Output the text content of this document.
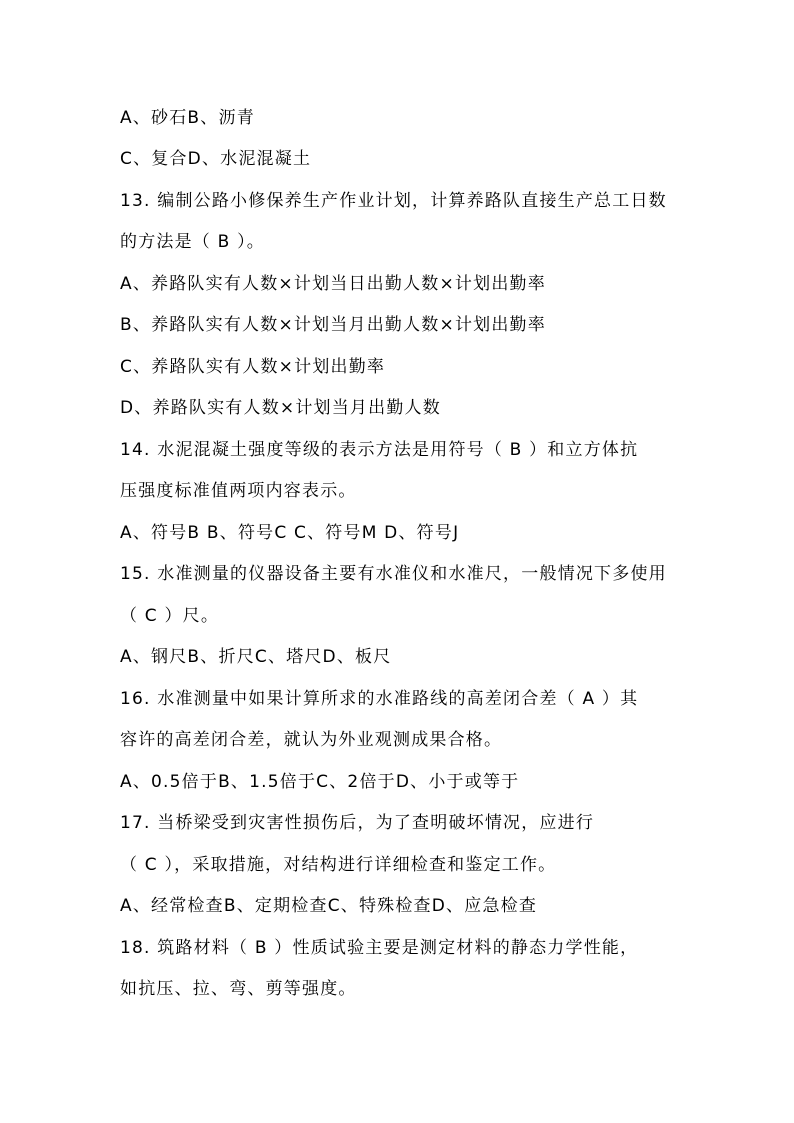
A、砂石B、沥青
C、复合D、水泥混凝土
13. 编制公路小修保养生产作业计划，计算养路队直接生产总工日数
的方法是（ B ）。
A、养路队实有人数×计划当日出勤人数×计划出勤率
B、养路队实有人数×计划当月出勤人数×计划出勤率
C、养路队实有人数×计划出勤率
D、养路队实有人数×计划当月出勤人数
14. 水泥混凝土强度等级的表示方法是用符号（ B ）和立方体抗
压强度标准值两项内容表示。
A、符号B B、符号C C、符号M D、符号J
15. 水准测量的仪器设备主要有水准仪和水准尺，一般情况下多使用
（ C ）尺。
A、钢尺B、折尺C、塔尺D、板尺
16. 水准测量中如果计算所求的水准路线的高差闭合差（ A ）其
容许的高差闭合差，就认为外业观测成果合格。
A、0.5倍于B、1.5倍于C、2倍于D、小于或等于
17. 当桥梁受到灾害性损伤后，为了查明破坏情况，应进行
（ C ），采取措施，对结构进行详细检查和鉴定工作。
A、经常检查B、定期检查C、特殊检查D、应急检查
18. 筑路材料（ B ）性质试验主要是测定材料的静态力学性能，
如抗压、拉、弯、剪等强度。
